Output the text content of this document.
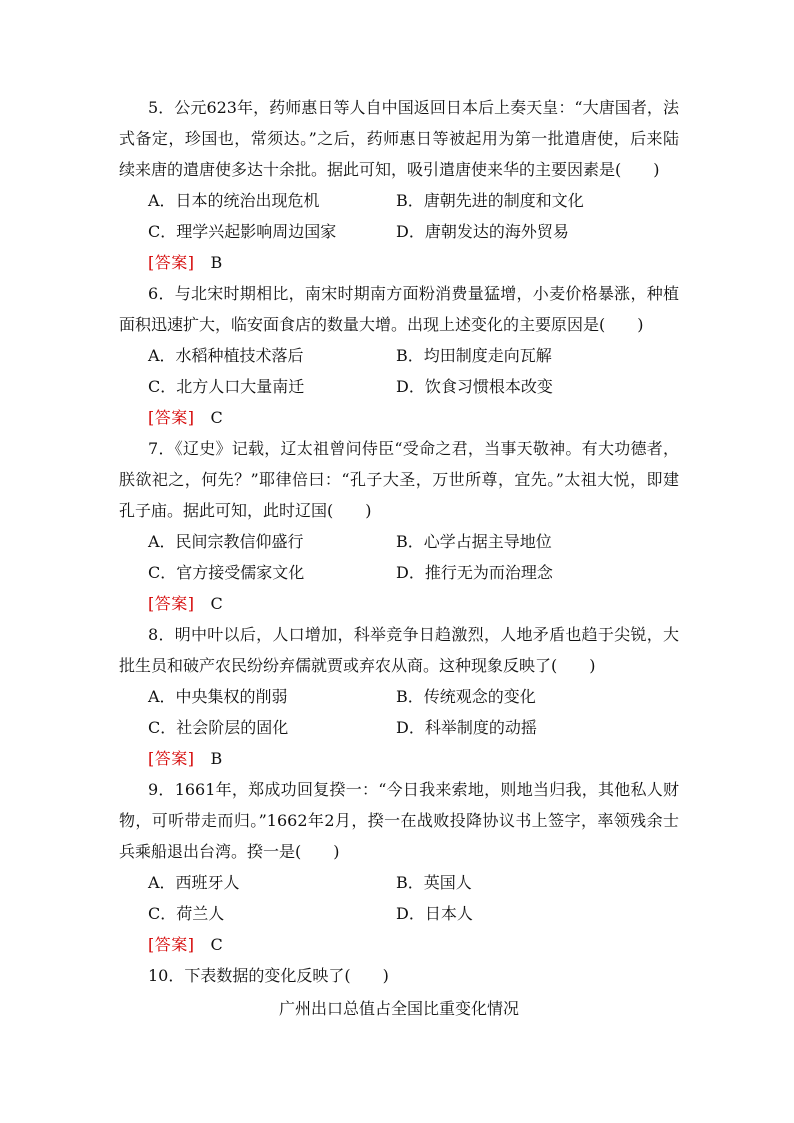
5．公元623年，药师惠日等人自中国返回日本后上奏天皇：“大唐国者，法式备定，珍国也，常须达。”之后，药师惠日等被起用为第一批遣唐使，后来陆续来唐的遣唐使多达十余批。据此可知，吸引遣唐使来华的主要因素是(　　)

A．日本的统治出现危机	B．唐朝先进的制度和文化
C．理学兴起影响周边国家	D．唐朝发达的海外贸易
[答案] B

6．与北宋时期相比，南宋时期南方面粉消费量猛增，小麦价格暴涨，种植面积迅速扩大，临安面食店的数量大增。出现上述变化的主要原因是(　　)

A．水稻种植技术落后	B．均田制度走向瓦解
C．北方人口大量南迁	D．饮食习惯根本改变
[答案] C

7．《辽史》记载，辽太祖曾问侍臣“受命之君，当事天敬神。有大功德者，朕欲祀之，何先？”耶律倍曰：“孔子大圣，万世所尊，宜先。”太祖大悦，即建孔子庙。据此可知，此时辽国(　　)

A．民间宗教信仰盛行	B．心学占据主导地位
C．官方接受儒家文化	D．推行无为而治理念
[答案] C

8．明中叶以后，人口增加，科举竞争日趋激烈，人地矛盾也趋于尖锐，大批生员和破产农民纷纷弃儒就贾或弃农从商。这种现象反映了(　　)

A．中央集权的削弱	B．传统观念的变化
C．社会阶层的固化	D．科举制度的动摇
[答案] B

9．1661年，郑成功回复揆一：“今日我来索地，则地当归我，其他私人财物，可听带走而归。”1662年2月，揆一在战败投降协议书上签字，率领残余士兵乘船退出台湾。揆一是(　　)

A．西班牙人	B．英国人
C．荷兰人	D．日本人
[答案] C

10．下表数据的变化反映了(　　)

广州出口总值占全国比重变化情况
